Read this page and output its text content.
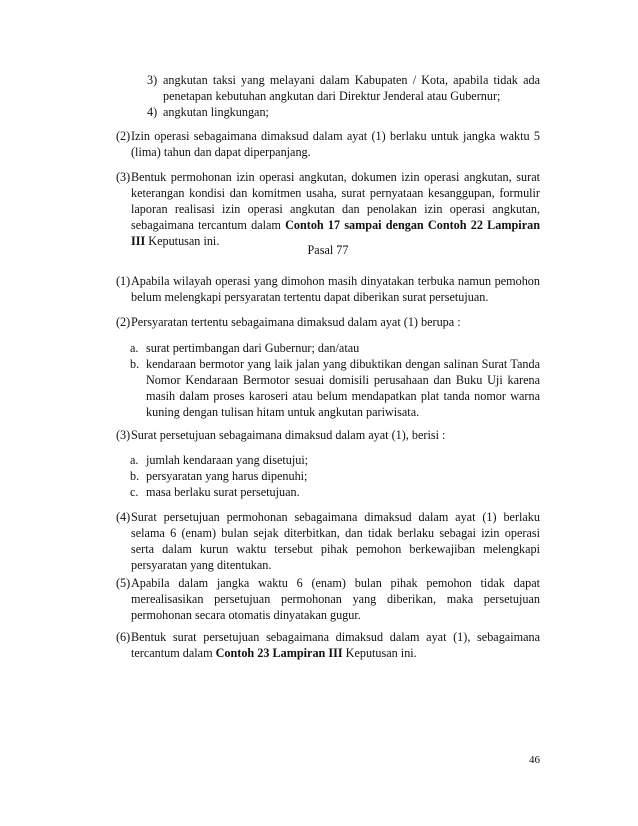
3) angkutan taksi yang melayani dalam Kabupaten / Kota, apabila tidak ada penetapan kebutuhan angkutan dari Direktur Jenderal atau Gubernur;
4) angkutan lingkungan;
(2) Izin operasi sebagaimana dimaksud dalam ayat (1) berlaku untuk jangka waktu 5 (lima) tahun dan dapat diperpanjang.
(3) Bentuk permohonan izin operasi angkutan, dokumen izin operasi angkutan, surat keterangan kondisi dan komitmen usaha, surat pernyataan kesanggupan, formulir laporan realisasi izin operasi angkutan dan penolakan izin operasi angkutan, sebagaimana tercantum dalam Contoh 17 sampai dengan Contoh 22 Lampiran III Keputusan ini.
Pasal 77
(1) Apabila wilayah operasi yang dimohon masih dinyatakan terbuka namun pemohon belum melengkapi persyaratan tertentu dapat diberikan surat persetujuan.
(2) Persyaratan tertentu sebagaimana dimaksud dalam ayat (1) berupa :
a. surat pertimbangan dari Gubernur; dan/atau
b. kendaraan bermotor yang laik jalan yang dibuktikan dengan salinan Surat Tanda Nomor Kendaraan Bermotor sesuai domisili perusahaan dan Buku Uji karena masih dalam proses karoseri atau belum mendapatkan plat tanda nomor warna kuning dengan tulisan hitam untuk angkutan pariwisata.
(3) Surat persetujuan sebagaimana dimaksud dalam ayat (1), berisi :
a. jumlah kendaraan yang disetujui;
b. persyaratan yang harus dipenuhi;
c. masa berlaku surat persetujuan.
(4) Surat persetujuan permohonan sebagaimana dimaksud dalam ayat (1) berlaku selama 6 (enam) bulan sejak diterbitkan, dan tidak berlaku sebagai izin operasi serta dalam kurun waktu tersebut pihak pemohon berkewajiban melengkapi persyaratan yang ditentukan.
(5) Apabila dalam jangka waktu 6 (enam) bulan pihak pemohon tidak dapat merealisasikan persetujuan permohonan yang diberikan, maka persetujuan permohonan secara otomatis dinyatakan gugur.
(6) Bentuk surat persetujuan sebagaimana dimaksud dalam ayat (1), sebagaimana tercantum dalam Contoh 23 Lampiran III Keputusan ini.
46
